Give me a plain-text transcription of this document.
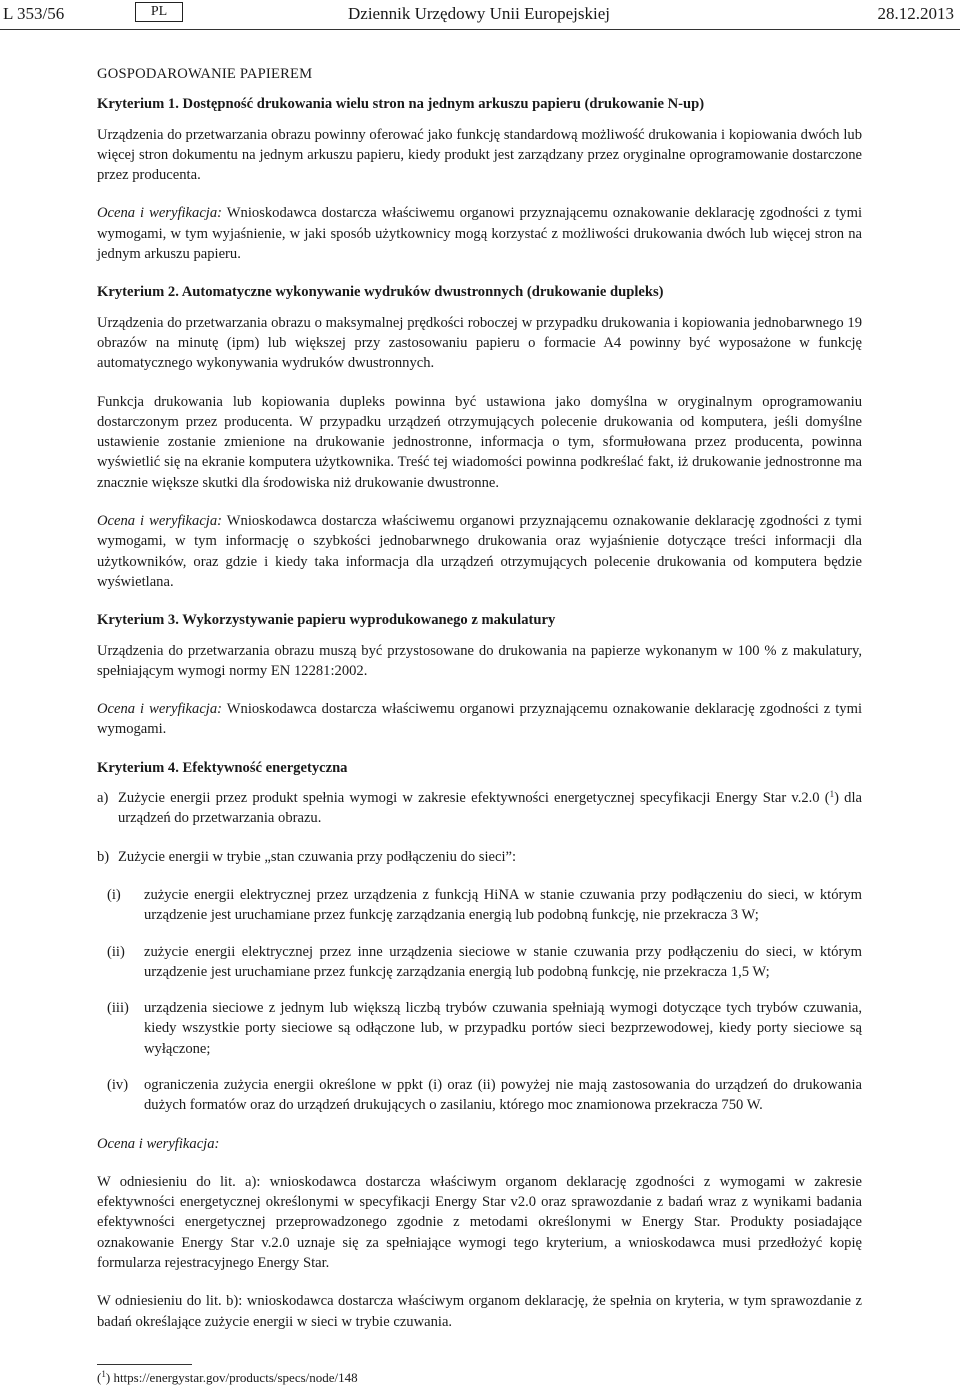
L 353/56	PL	Dziennik Urzędowy Unii Europejskiej	28.12.2013

GOSPODAROWANIE PAPIEREM

Kryterium 1. Dostępność drukowania wielu stron na jednym arkuszu papieru (drukowanie N-up)

Urządzenia do przetwarzania obrazu powinny oferować jako funkcję standardową możliwość drukowania i kopiowania dwóch lub więcej stron dokumentu na jednym arkuszu papieru, kiedy produkt jest zarządzany przez oryginalne oprogramowanie dostarczone przez producenta.

Ocena i weryfikacja: Wnioskodawca dostarcza właściwemu organowi przyznającemu oznakowanie deklarację zgodności z tymi wymogami, w tym wyjaśnienie, w jaki sposób użytkownicy mogą korzystać z możliwości drukowania dwóch lub więcej stron na jednym arkuszu papieru.

Kryterium 2. Automatyczne wykonywanie wydruków dwustronnych (drukowanie dupleks)

Urządzenia do przetwarzania obrazu o maksymalnej prędkości roboczej w przypadku drukowania i kopiowania jednobarwnego 19 obrazów na minutę (ipm) lub większej przy zastosowaniu papieru o formacie A4 powinny być wyposażone w funkcję automatycznego wykonywania wydruków dwustronnych.

Funkcja drukowania lub kopiowania dupleks powinna być ustawiona jako domyślna w oryginalnym oprogramowaniu dostarczonym przez producenta. W przypadku urządzeń otrzymujących polecenie drukowania od komputera, jeśli domyślne ustawienie zostanie zmienione na drukowanie jednostronne, informacja o tym, sformułowana przez producenta, powinna wyświetlić się na ekranie komputera użytkownika. Treść tej wiadomości powinna podkreślać fakt, iż drukowanie jednostronne ma znacznie większe skutki dla środowiska niż drukowanie dwustronne.

Ocena i weryfikacja: Wnioskodawca dostarcza właściwemu organowi przyznającemu oznakowanie deklarację zgodności z tymi wymogami, w tym informację o szybkości jednobarwnego drukowania oraz wyjaśnienie dotyczące treści informacji dla użytkowników, oraz gdzie i kiedy taka informacja dla urządzeń otrzymujących polecenie drukowania od komputera będzie wyświetlana.

Kryterium 3. Wykorzystywanie papieru wyprodukowanego z makulatury

Urządzenia do przetwarzania obrazu muszą być przystosowane do drukowania na papierze wykonanym w 100 % z makulatury, spełniającym wymogi normy EN 12281:2002.

Ocena i weryfikacja: Wnioskodawca dostarcza właściwemu organowi przyznającemu oznakowanie deklarację zgodności z tymi wymogami.

Kryterium 4. Efektywność energetyczna

a) Zużycie energii przez produkt spełnia wymogi w zakresie efektywności energetycznej specyfikacji Energy Star v.2.0 ($^1$) dla urządzeń do przetwarzania obrazu.
b) Zużycie energii w trybie „stan czuwania przy podłączeniu do sieci”:
(i)	zużycie energii elektrycznej przez urządzenia z funkcją HiNA w stanie czuwania przy podłączeniu do sieci, w którym urządzenie jest uruchamiane przez funkcję zarządzania energią lub podobną funkcję, nie przekracza 3 W;
(ii)	zużycie energii elektrycznej przez inne urządzenia sieciowe w stanie czuwania przy podłączeniu do sieci, w którym urządzenie jest uruchamiane przez funkcję zarządzania energią lub podobną funkcję, nie przekracza 1,5 W;
(iii)	urządzenia sieciowe z jednym lub większą liczbą trybów czuwania spełniają wymogi dotyczące tych trybów czuwania, kiedy wszystkie porty sieciowe są odłączone lub, w przypadku portów sieci bezprzewodowej, kiedy porty sieciowe są wyłączone;
(iv)	ograniczenia zużycia energii określone w ppkt (i) oraz (ii) powyżej nie mają zastosowania do urządzeń do drukowania dużych formatów oraz do urządzeń drukujących o zasilaniu, którego moc znamionowa przekracza 750 W.

Ocena i weryfikacja:

W odniesieniu do lit. a): wnioskodawca dostarcza właściwym organom deklarację zgodności z wymogami w zakresie efektywności energetycznej określonymi w specyfikacji Energy Star v2.0 oraz sprawozdanie z badań wraz z wynikami badania efektywności energetycznej przeprowadzonego zgodnie z metodami określonymi w Energy Star. Produkty posiadające oznakowanie Energy Star v.2.0 uznaje się za spełniające wymogi tego kryterium, a wnioskodawca musi przedłożyć kopię formularza rejestracyjnego Energy Star.

W odniesieniu do lit. b): wnioskodawca dostarcza właściwym organom deklarację, że spełnia on kryteria, w tym sprawozdanie z badań określające zużycie energii w sieci w trybie czuwania.

($^1$) https://energystar.gov/products/specs/node/148
